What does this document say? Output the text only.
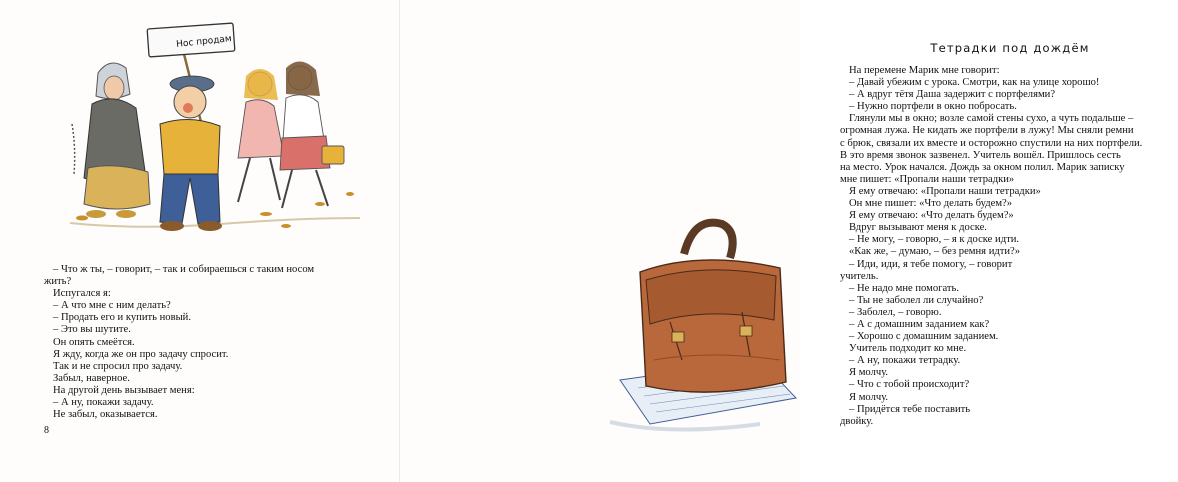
Нос продам

– Что ж ты, – говорит, – так и собираешься с таким носом

жить?

Испугался я:

– А что мне с ним делать?

– Продать его и купить новый.

– Это вы шутите.

Он опять смеётся.

Я жду, когда же он про задачу спросит.

Так и не спросил про задачу.

Забыл, наверное.

На другой день вызывает меня:

– А ну, покажи задачу.

Не забыл, оказывается.

8
Тетрадки под дождём

На перемене Марик мне говорит:

– Давай убежим с урока. Смотри, как на улице хорошо!

– А вдруг тётя Даша задержит с портфелями?

– Нужно портфели в окно побросать.

Глянули мы в окно; возле самой стены сухо, а чуть подальше –

огромная лужа. Не кидать же портфели в лужу! Мы сняли ремни

с брюк, связали их вместе и осторожно спустили на них портфели.

В это время звонок зазвенел. Учитель вошёл. Пришлось сесть

на место. Урок начался. Дождь за окном полил. Марик записку

мне пишет: «Пропали наши тетрадки»

Я ему отвечаю: «Пропали наши тетрадки»

Он мне пишет: «Что делать будем?»

Я ему отвечаю: «Что делать будем?»

Вдруг вызывают меня к доске.

– Не могу, – говорю, – я к доске идти.

«Как же, – думаю, – без ремня идти?»

– Иди, иди, я тебе помогу, – говорит

учитель.

– Не надо мне помогать.

– Ты не заболел ли случайно?

– Заболел, – говорю.

– А с домашним заданием как?

– Хорошо с домашним заданием.

Учитель подходит ко мне.

– А ну, покажи тетрадку.

Я молчу.

– Что с тобой происходит?

Я молчу.

– Придётся тебе поставить

двойку.
